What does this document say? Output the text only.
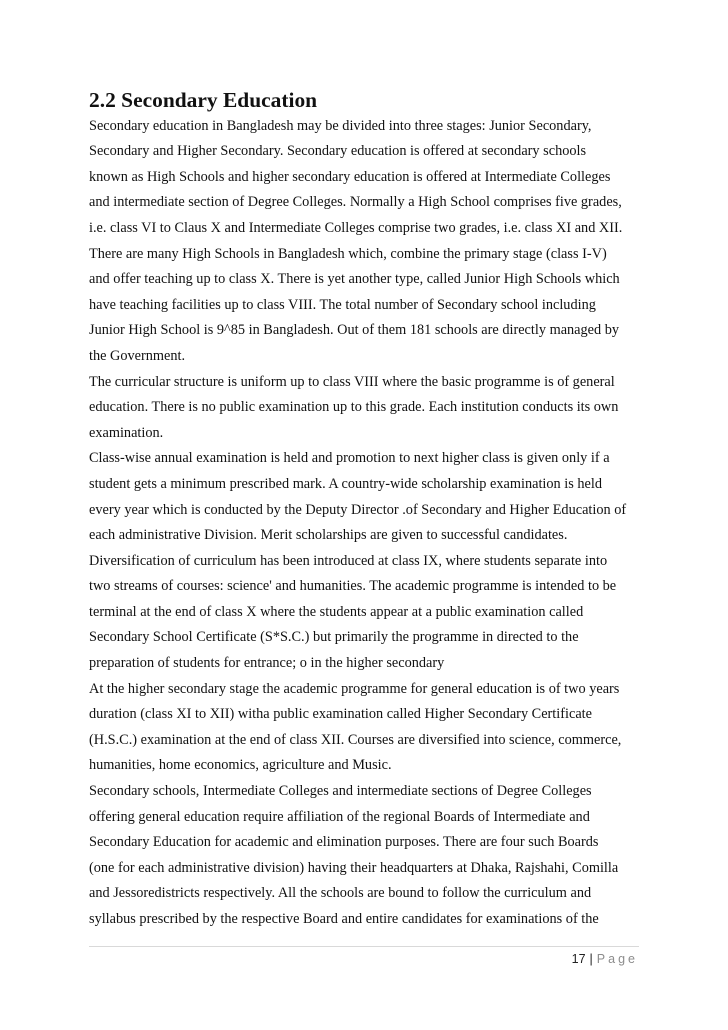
2.2 Secondary Education

Secondary education in Bangladesh may be divided into three stages: Junior Secondary,
Secondary and Higher Secondary. Secondary education is offered at secondary schools
known as High Schools and higher secondary education is offered at Intermediate Colleges
and intermediate section of Degree Colleges. Normally a High School comprises five grades,
i.e. class VI to Claus X and Intermediate Colleges comprise two grades, i.e. class XI and XII.
There are many High Schools in Bangladesh which, combine the primary stage (class I-V)
and offer teaching up to class X. There is yet another type, called Junior High Schools which
have teaching facilities up to class VIII. The total number of Secondary school including
Junior High School is 9^85 in Bangladesh. Out of them 181 schools are directly managed by
the Government.

The curricular structure is uniform up to class VIII where the basic programme is of general
education. There is no public examination up to this grade. Each institution conducts its own
examination.

Class-wise annual examination is held and promotion to next higher class is given only if a
student gets a minimum prescribed mark. A country-wide scholarship examination is held
every year which is conducted by the Deputy Director .of Secondary and Higher Education of
each administrative Division. Merit scholarships are given to successful candidates.

Diversification of curriculum has been introduced at class IX, where students separate into
two streams of courses: science' and humanities. The academic programme is intended to be
terminal at the end of class X where the students appear at a public examination called
Secondary School Certificate (S*S.C.) but primarily the programme in directed to the
preparation of students for entrance; o in the higher secondary

At the higher secondary stage the academic programme for general education is of two years
duration (class XI to XII) witha public examination called Higher Secondary Certificate
(H.S.C.) examination at the end of class XII. Courses are diversified into science, commerce,
humanities, home economics, agriculture and Music.

Secondary schools, Intermediate Colleges and intermediate sections of Degree Colleges
offering general education require affiliation of the regional Boards of Intermediate and
Secondary Education for academic and elimination purposes. There are four such Boards
(one for each administrative division) having their headquarters at Dhaka, Rajshahi, Comilla
and Jessoredistricts respectively. All the schools are bound to follow the curriculum and
syllabus prescribed by the respective Board and entire candidates for examinations of the

17 | Page
